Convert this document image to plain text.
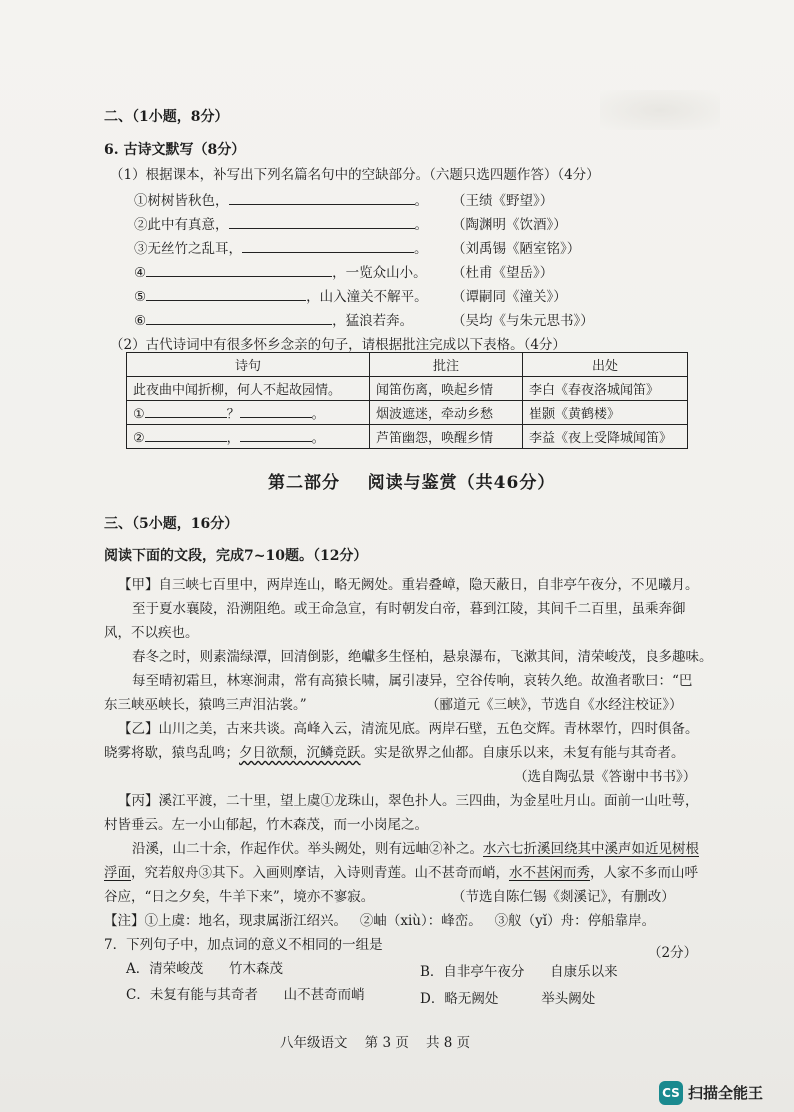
二、（1小题，8分）
6. 古诗文默写（8分）
（1）根据课本，补写出下列名篇名句中的空缺部分。（六题只选四题作答）（4分）
①树树皆秋色，	。 （王绩《野望》）
②此中有真意，	。 （陶渊明《饮酒》）
③无丝竹之乱耳，	。 （刘禹锡《陋室铭》）
④	，一览众山小。 （杜甫《望岳》）
⑤	，山入潼关不解平。 （谭嗣同《潼关》）
⑥	，猛浪若奔。	（吴均《与朱元思书》）
（2）古代诗词中有很多怀乡念亲的句子，请根据批注完成以下表格。（4分）
诗句	批注	出处
此夜曲中闻折柳，何人不起故园情。	闻笛伤离，唤起乡情	李白《春夜洛城闻笛》
① ？ 。	烟波遮迷，牵动乡愁	崔颢《黄鹤楼》
② ， 。	芦笛幽怨，唤醒乡情	李益《夜上受降城闻笛》
第二部分    阅读与鉴赏（共46分）
三、（5小题，16分）
阅读下面的文段，完成7~10题。（12分）
【甲】自三峡七百里中，两岸连山，略无阙处。重岩叠嶂，隐天蔽日，自非亭午夜分，不见曦月。
至于夏水襄陵，沿溯阻绝。或王命急宣，有时朝发白帝，暮到江陵，其间千二百里，虽乘奔御
风，不以疾也。
春冬之时，则素湍绿潭，回清倒影，绝巘多生怪柏，悬泉瀑布，飞漱其间，清荣峻茂，良多趣味。
每至晴初霜旦，林寒涧肃，常有高猿长啸，属引凄异，空谷传响，哀转久绝。故渔者歌曰：“巴
东三峡巫峡长，猿鸣三声泪沾裳。”	（郦道元《三峡》，节选自《水经注校证》）
【乙】山川之美，古来共谈。高峰入云，清流见底。两岸石壁，五色交辉。青林翠竹，四时俱备。
晓雾将歇，猿鸟乱鸣；夕日欲颓，沉鳞竞跃。实是欲界之仙都。自康乐以来，未复有能与其奇者。
（选自陶弘景《答谢中书书》）
【丙】溪江平渡，二十里，望上虞①龙珠山，翠色扑人。三四曲，为金星吐月山。面前一山吐萼，
村皆垂云。左一小山郁起，竹木森茂，而一小岗尾之。
沿溪，山二十余，作起作伏。举头阙处，则有远岫②补之。水六七折溪回绕其中溪声如近见树根
浮面，究若舣舟③其下。入画则摩诘，入诗则青莲。山不甚奇而峭，水不甚闲而秀，人家不多而山呼
谷应，“日之夕矣，牛羊下来”，境亦不寥寂。	（节选自陈仁锡《剡溪记》，有删改）
【注】①上虞：地名，现隶属浙江绍兴。   ②岫（xiù）：峰峦。   ③舣（yǐ）舟：停船靠岸。
7．下列句子中，加点词的意义不相同的一组是	（2分）
A．清荣峻茂      竹木森茂	B．自非亭午夜分      自康乐以来
C．未复有能与其奇者      山不甚奇而峭	D．略无阙处          举头阙处
八年级语文    第 3 页    共 8 页
CS 扫描全能王
